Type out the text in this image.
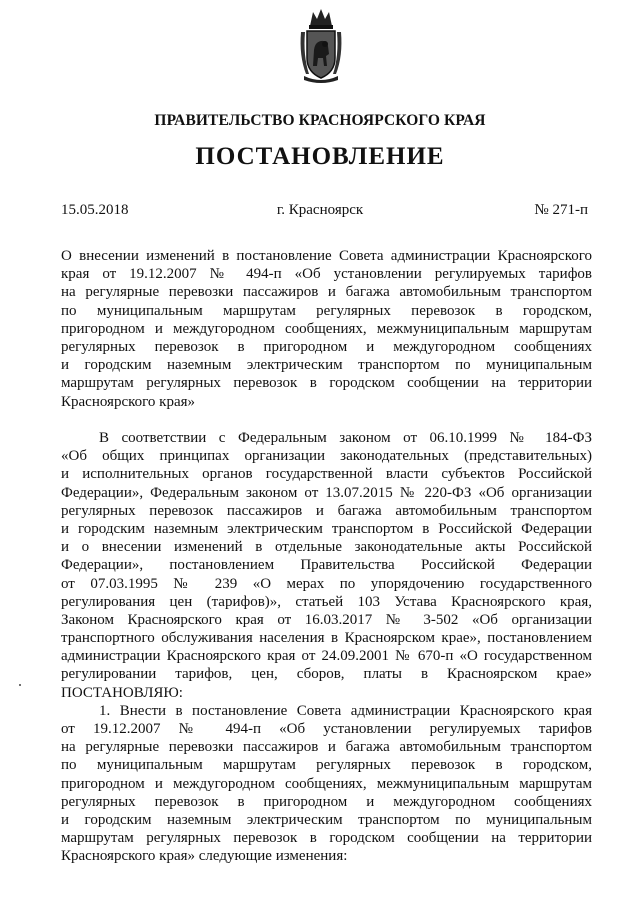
ПРАВИТЕЛЬСТВО КРАСНОЯРСКОГО КРАЯ
ПОСТАНОВЛЕНИЕ
15.05.2018	г. Красноярск	№ 271-п
О внесении изменений в постановление Совета администрации Красноярского
края от 19.12.2007 № 494-п «Об установлении регулируемых тарифов
на регулярные перевозки пассажиров и багажа автомобильным транспортом
по муниципальным маршрутам регулярных перевозок в городском,
пригородном и междугородном сообщениях, межмуниципальным маршрутам
регулярных перевозок в пригородном и междугородном сообщениях
и городским наземным электрическим транспортом по муниципальным
маршрутам регулярных перевозок в городском сообщении на территории
Красноярского края»
В соответствии с Федеральным законом от 06.10.1999 № 184-ФЗ
«Об общих принципах организации законодательных (представительных)
и исполнительных органов государственной власти субъектов Российской
Федерации», Федеральным законом от 13.07.2015 № 220-ФЗ «Об организации
регулярных перевозок пассажиров и багажа автомобильным транспортом
и городским наземным электрическим транспортом в Российской Федерации
и о внесении изменений в отдельные законодательные акты Российской
Федерации», постановлением Правительства Российской Федерации
от 07.03.1995 № 239 «О мерах по упорядочению государственного
регулирования цен (тарифов)», статьей 103 Устава Красноярского края,
Законом Красноярского края от 16.03.2017 № 3-502 «Об организации
транспортного обслуживания населения в Красноярском крае», постановлением
администрации Красноярского края от 24.09.2001 № 670-п «О государственном
регулировании тарифов, цен, сборов, платы в Красноярском крае»
ПОСТАНОВЛЯЮ:
1. Внести в постановление Совета администрации Красноярского края
от 19.12.2007 № 494-п «Об установлении регулируемых тарифов
на регулярные перевозки пассажиров и багажа автомобильным транспортом
по муниципальным маршрутам регулярных перевозок в городском,
пригородном и междугородном сообщениях, межмуниципальным маршрутам
регулярных перевозок в пригородном и междугородном сообщениях
и городским наземным электрическим транспортом по муниципальным
маршрутам регулярных перевозок в городском сообщении на территории
Красноярского края» следующие изменения:
